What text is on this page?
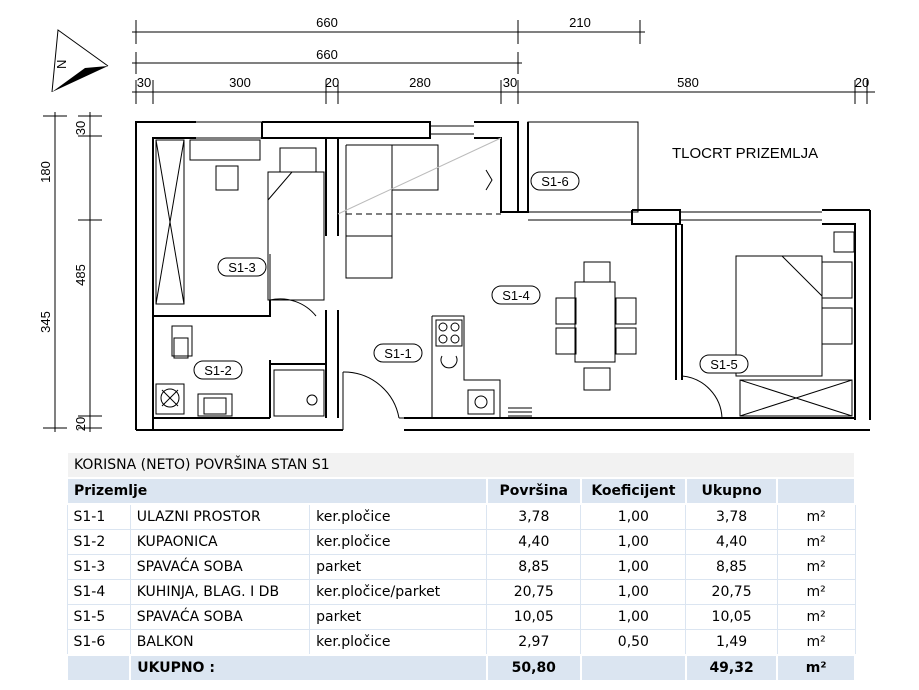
N
660	210
660
30	300	20	280	30	580	20
30
180
345
20
485	S1-3
S1-2
S1-1
S1-4
S1-6
S1-5
TLOCRT PRIZEMLJA
KORISNA (NETO) POVRŠINA STAN S1						
Prizemlje			Površina	Koeficijent	Ukupno	
S1-1	ULAZNI PROSTOR	ker.pločice	3,78	1,00	3,78	m²
S1-2	KUPAONICA	ker.pločice	4,40	1,00	4,40	m²
S1-3	SPAVAĆA SOBA	parket	8,85	1,00	8,85	m²
S1-4	KUHINJA, BLAG. I DB	ker.pločice/parket	20,75	1,00	20,75	m²
S1-5	SPAVAĆA SOBA	parket	10,05	1,00	10,05	m²
S1-6	BALKON	ker.pločice	2,97	0,50	1,49	m²
	UKUPNO :		50,80		49,32	m²
